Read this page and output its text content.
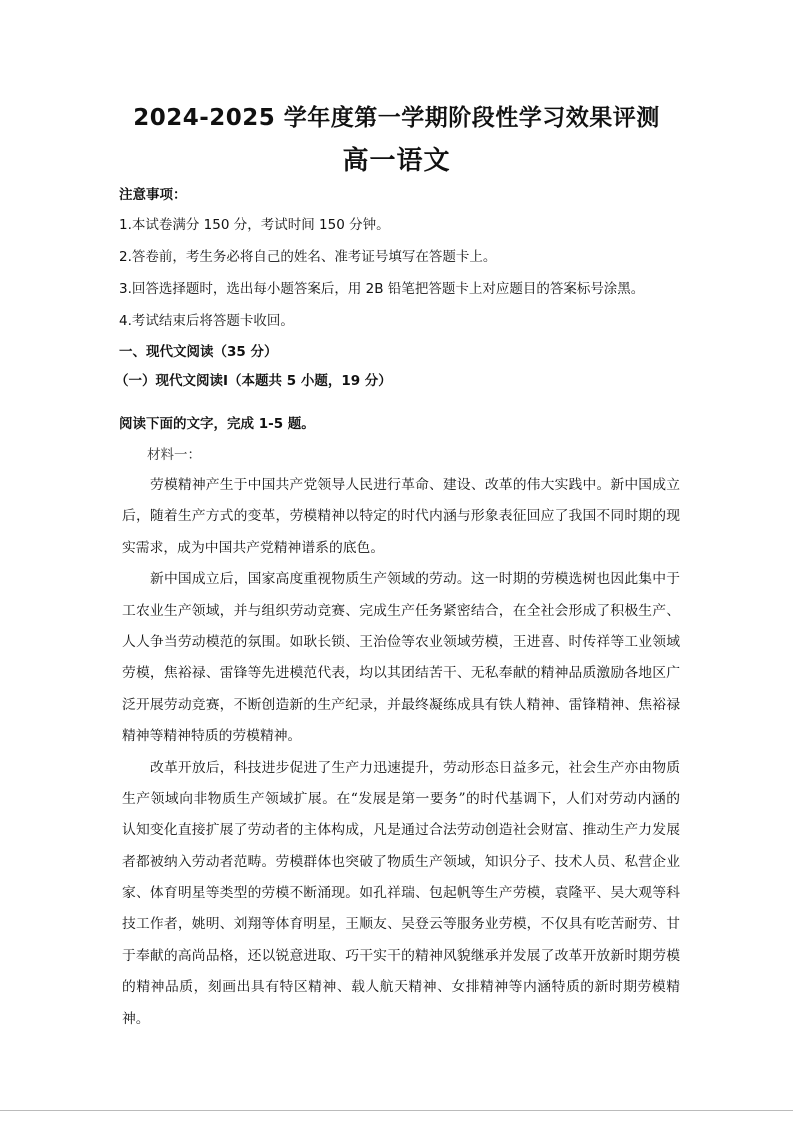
2024-2025 学年度第一学期阶段性学习效果评测
高一语文
注意事项：
1.本试卷满分 150 分，考试时间 150 分钟。
2.答卷前，考生务必将自己的姓名、准考证号填写在答题卡上。
3.回答选择题时，选出每小题答案后，用 2B 铅笔把答题卡上对应题目的答案标号涂黑。
4.考试结束后将答题卡收回。
一、现代文阅读（35 分）
（一）现代文阅读Ⅰ（本题共 5 小题，19 分）
阅读下面的文字，完成 1-5 题。
材料一：
劳模精神产生于中国共产党领导人民进行革命、建设、改革的伟大实践中。新中国成立
后，随着生产方式的变革，劳模精神以特定的时代内涵与形象表征回应了我国不同时期的现
实需求，成为中国共产党精神谱系的底色。
新中国成立后，国家高度重视物质生产领域的劳动。这一时期的劳模选树也因此集中于
工农业生产领域，并与组织劳动竞赛、完成生产任务紧密结合，在全社会形成了积极生产、
人人争当劳动模范的氛围。如耿长锁、王治俭等农业领域劳模，王进喜、时传祥等工业领域
劳模，焦裕禄、雷锋等先进模范代表，均以其团结苦干、无私奉献的精神品质激励各地区广
泛开展劳动竞赛，不断创造新的生产纪录，并最终凝练成具有铁人精神、雷锋精神、焦裕禄
精神等精神特质的劳模精神。
改革开放后，科技进步促进了生产力迅速提升，劳动形态日益多元，社会生产亦由物质
生产领域向非物质生产领域扩展。在“发展是第一要务”的时代基调下，人们对劳动内涵的
认知变化直接扩展了劳动者的主体构成，凡是通过合法劳动创造社会财富、推动生产力发展
者都被纳入劳动者范畴。劳模群体也突破了物质生产领域，知识分子、技术人员、私营企业
家、体育明星等类型的劳模不断涌现。如孔祥瑞、包起帆等生产劳模，袁隆平、吴大观等科
技工作者，姚明、刘翔等体育明星，王顺友、吴登云等服务业劳模，不仅具有吃苦耐劳、甘
于奉献的高尚品格，还以锐意进取、巧干实干的精神风貌继承并发展了改革开放新时期劳模
的精神品质，刻画出具有特区精神、载人航天精神、女排精神等内涵特质的新时期劳模精
神。
